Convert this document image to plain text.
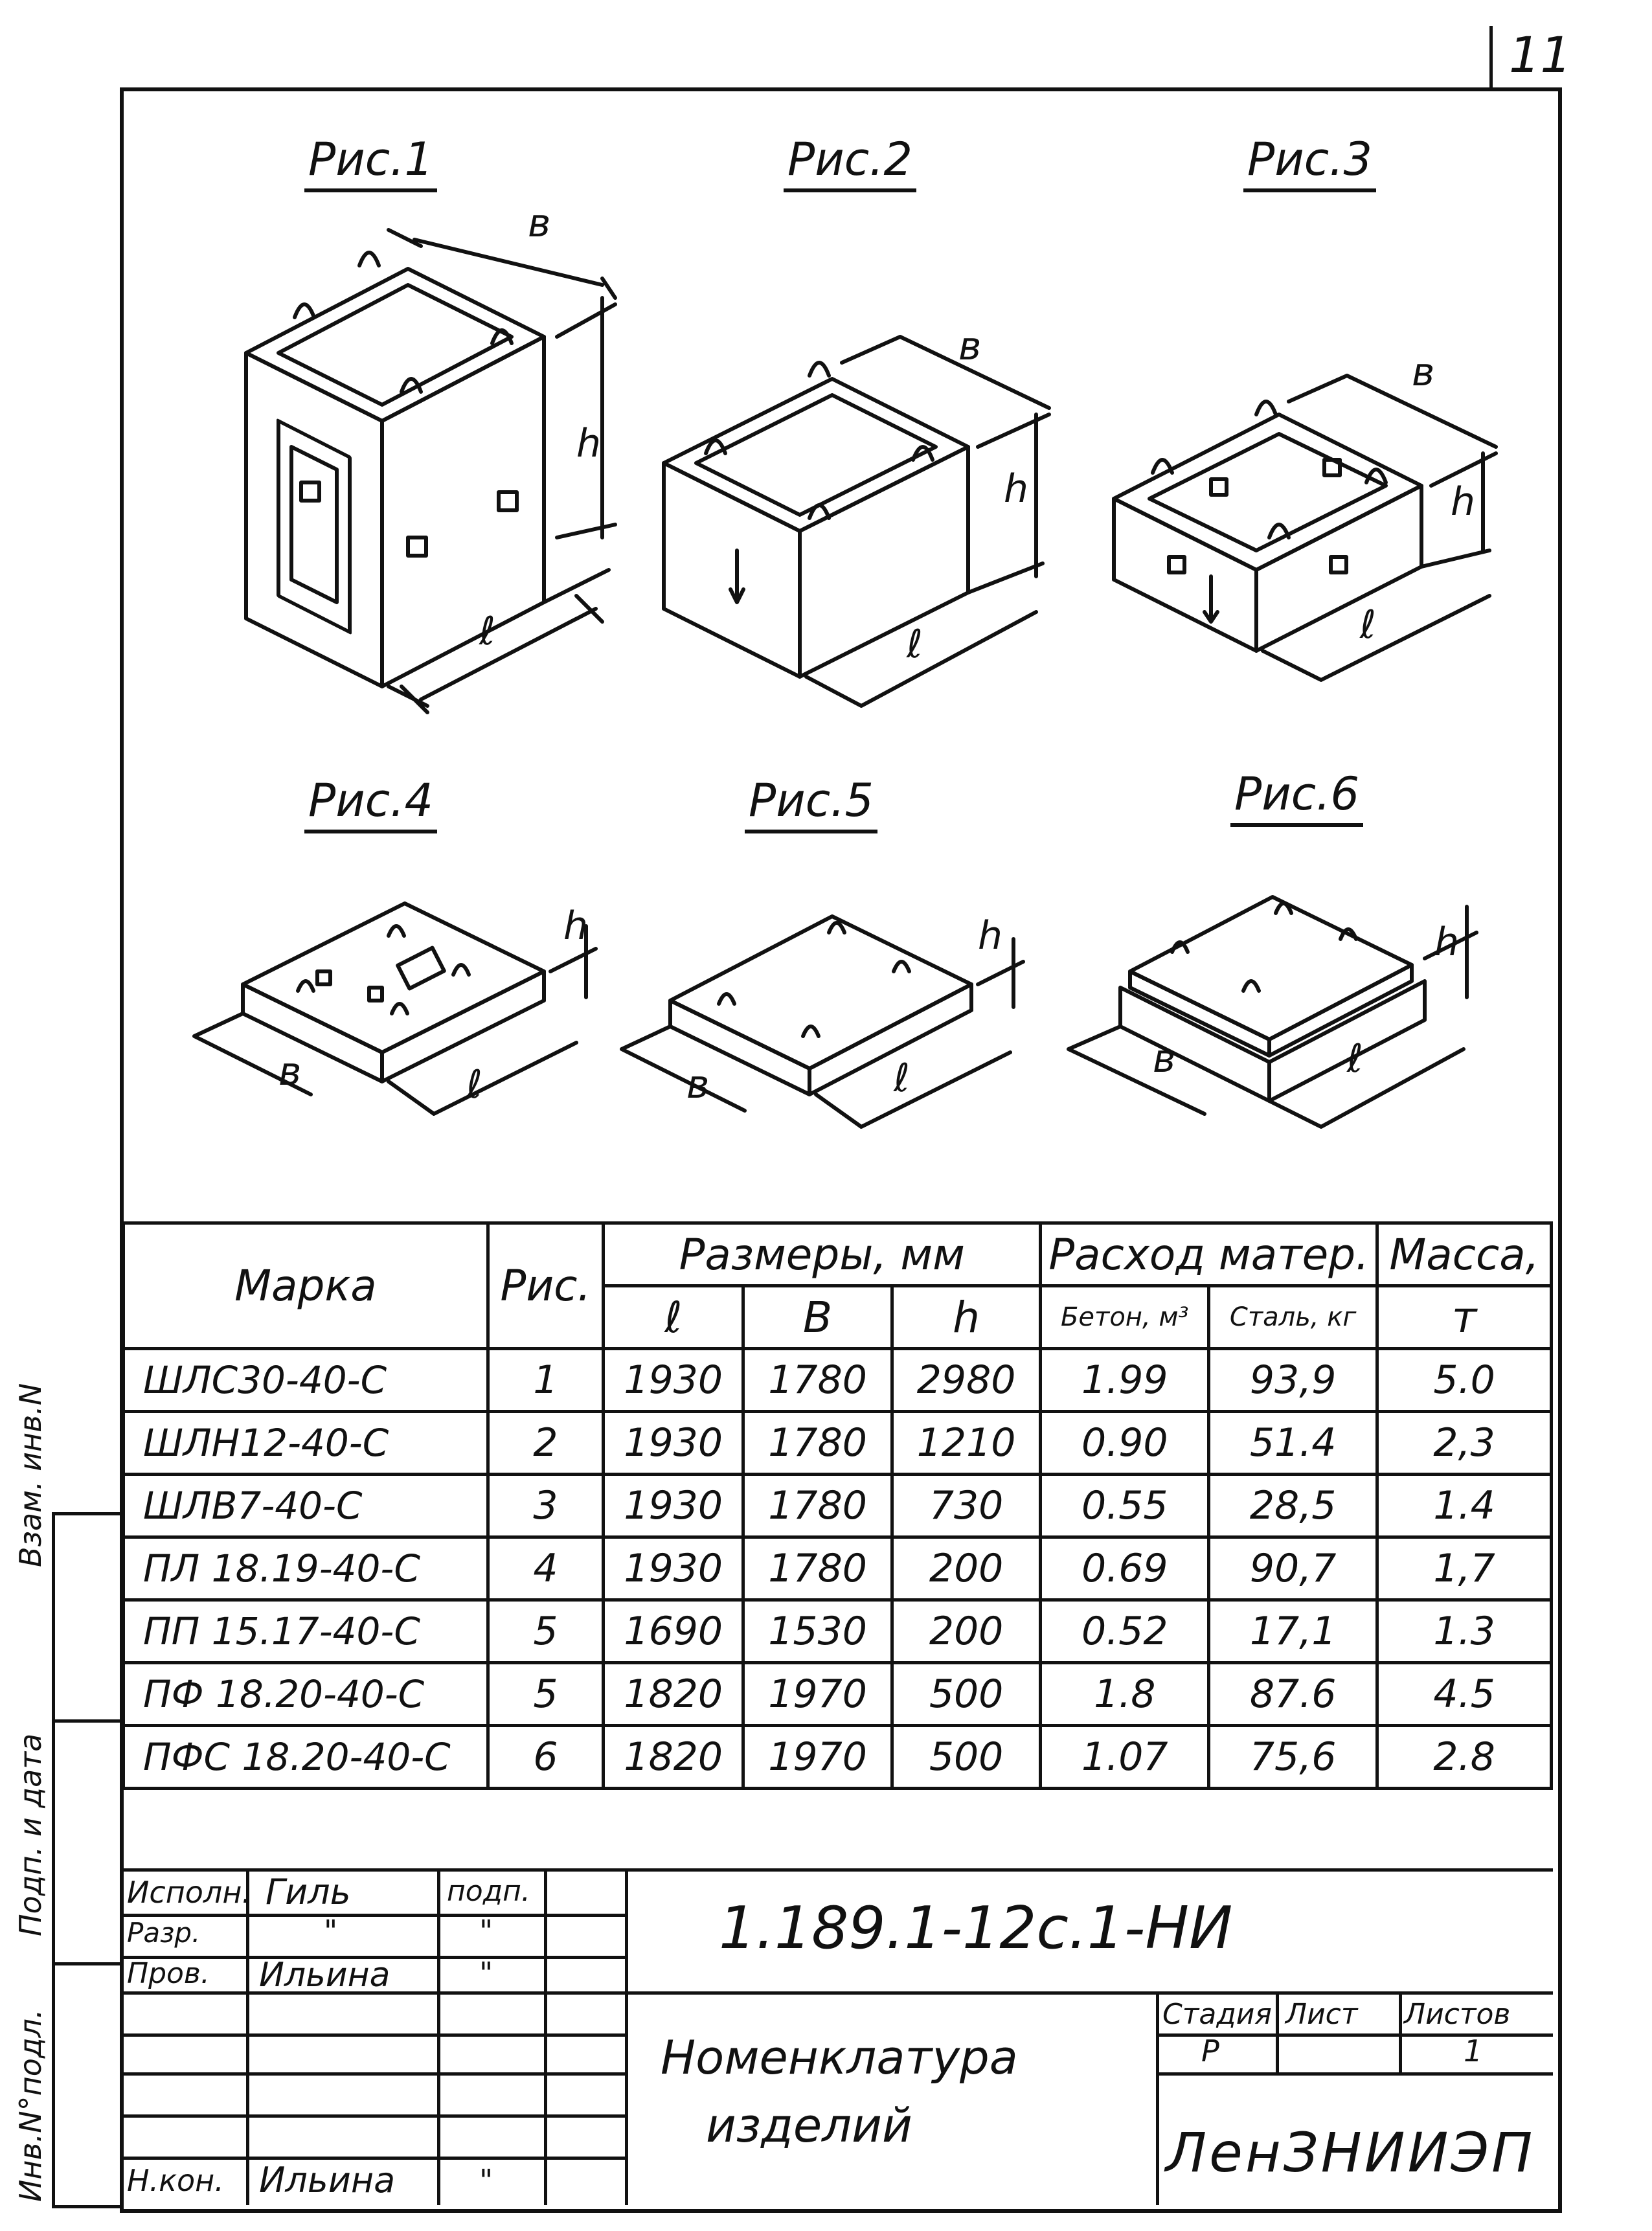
11
Взам. инв.N
Подп. и дата
Инв.N°подл.
Рис.1	Рис.2	Рис.3
Рис.4	Рис.5	Рис.6
в
h
ℓ
в
h
ℓ
в
h
ℓ
в
h
ℓ	в
h
ℓ	в
h
ℓ
Марка	Рис.	Размеры, мм			Расход матер.		Масса,
		ℓ	В	h	Бетон, м³	Сталь, кг	т
ШЛС30-40-С	1	1930	1780	2980	1.99	93,9	5.0
ШЛН12-40-С	2	1930	1780	1210	0.90	51.4	2,3
ШЛВ7-40-С	3	1930	1780	730	0.55	28,5	1.4
ПЛ 18.19-40-С	4	1930	1780	200	0.69	90,7	1,7
ПП 15.17-40-С	5	1690	1530	200	0.52	17,1	1.3
ПФ 18.20-40-С	5	1820	1970	500	1.8	87.6	4.5
ПФС 18.20-40-С	6	1820	1970	500	1.07	75,6	2.8
Исполн. Гиль	подп.
Разр.	"	"
Пров. Ильина	"
Н.кон. Ильина	"
1.189.1-12с.1-НИ
Номенклатура
изделий
Стадия Лист Листов
Р	1
ЛенЗНИИЭП
